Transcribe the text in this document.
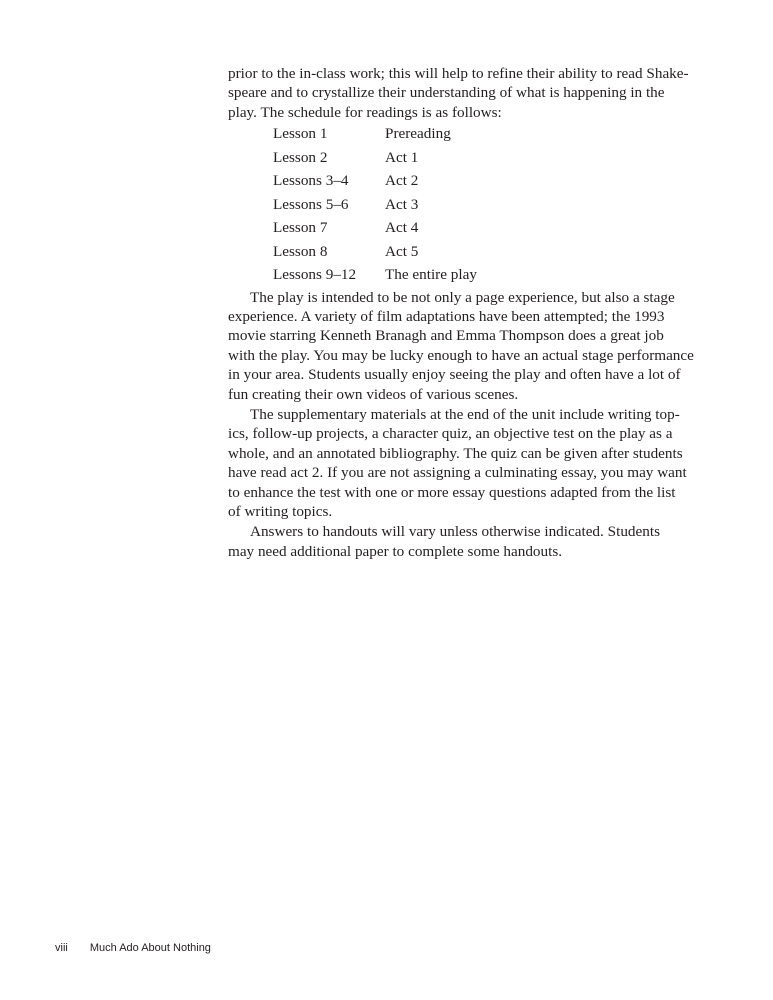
prior to the in-class work; this will help to refine their ability to read Shake-
speare and to crystallize their understanding of what is happening in the
play. The schedule for readings is as follows:
Lesson 1	Prereading
Lesson 2	Act 1
Lessons 3–4	Act 2
Lessons 5–6	Act 3
Lesson 7	Act 4
Lesson 8	Act 5
Lessons 9–12	The entire play
The play is intended to be not only a page experience, but also a stage
experience. A variety of film adaptations have been attempted; the 1993
movie starring Kenneth Branagh and Emma Thompson does a great job
with the play. You may be lucky enough to have an actual stage performance
in your area. Students usually enjoy seeing the play and often have a lot of
fun creating their own videos of various scenes.
The supplementary materials at the end of the unit include writing top-
ics, follow-up projects, a character quiz, an objective test on the play as a
whole, and an annotated bibliography. The quiz can be given after students
have read act 2. If you are not assigning a culminating essay, you may want
to enhance the test with one or more essay questions adapted from the list
of writing topics.
Answers to handouts will vary unless otherwise indicated. Students
may need additional paper to complete some handouts.
viii Much Ado About Nothing
